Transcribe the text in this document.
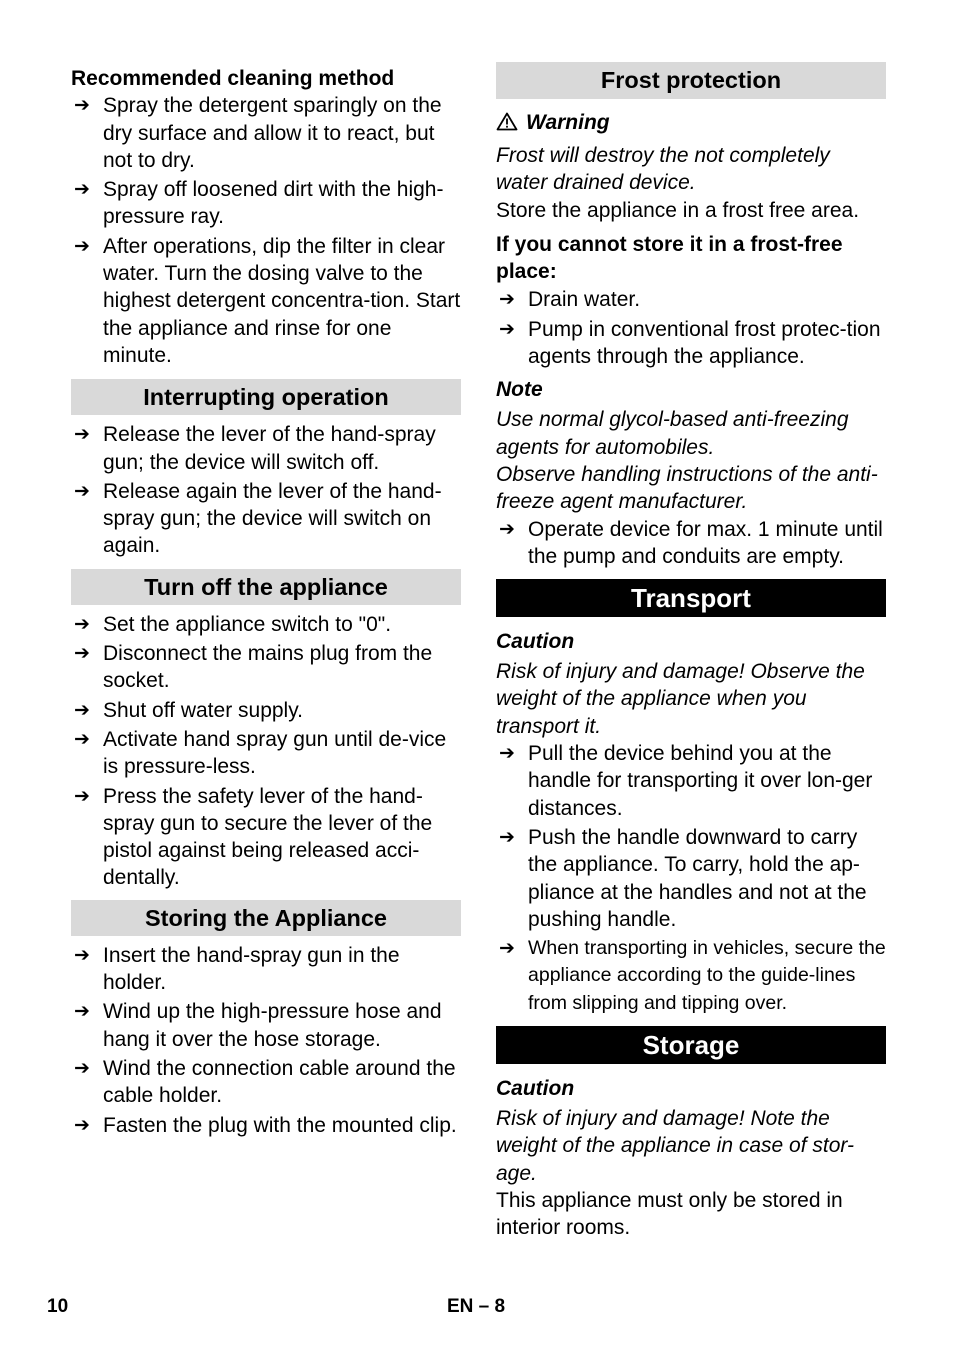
Recommended cleaning method

➔ Spray the detergent sparingly on the dry surface and allow it to react, but not to dry.
➔ Spray off loosened dirt with the high-pressure ray.
➔ After operations, dip the filter in clear water. Turn the dosing valve to the highest detergent concentra-tion. Start the appliance and rinse for one minute.
Interrupting operation
➔ Release the lever of the hand-spray gun; the device will switch off.
➔ Release again the lever of the hand-spray gun; the device will switch on again.
Turn off the appliance
➔ Set the appliance switch to "0".
➔ Disconnect the mains plug from the socket.
➔ Shut off water supply.
➔ Activate hand spray gun until de-vice is pressure-less.
➔ Press the safety lever of the hand-spray gun to secure the lever of the pistol against being released acci-dentally.
Storing the Appliance
➔ Insert the hand-spray gun in the holder.
➔ Wind up the high-pressure hose and hang it over the hose storage.
➔ Wind the connection cable around the cable holder.
➔ Fasten the plug with the mounted clip.
Frost protection

Warning

Frost will destroy the not completely water drained device.

Store the appliance in a frost free area.

If you cannot store it in a frost-free place:

➔ Drain water.
➔ Pump in conventional frost protec-tion agents through the appliance.

Note

Use normal glycol-based anti-freezing agents for automobiles.

Observe handling instructions of the anti-freeze agent manufacturer.

➔ Operate device for max. 1 minute until the pump and conduits are empty.
Transport

Caution

Risk of injury and damage! Observe the weight of the appliance when you transport it.

➔ Pull the device behind you at the handle for transporting it over lon-ger distances.
➔ Push the handle downward to carry the appliance. To carry, hold the ap-pliance at the handles and not at the pushing handle.
➔ When transporting in vehicles, secure the appliance according to the guide-lines from slipping and tipping over.
Storage

Caution

Risk of injury and damage! Note the weight of the appliance in case of stor-age.

This appliance must only be stored in interior rooms.

10	EN – 8
